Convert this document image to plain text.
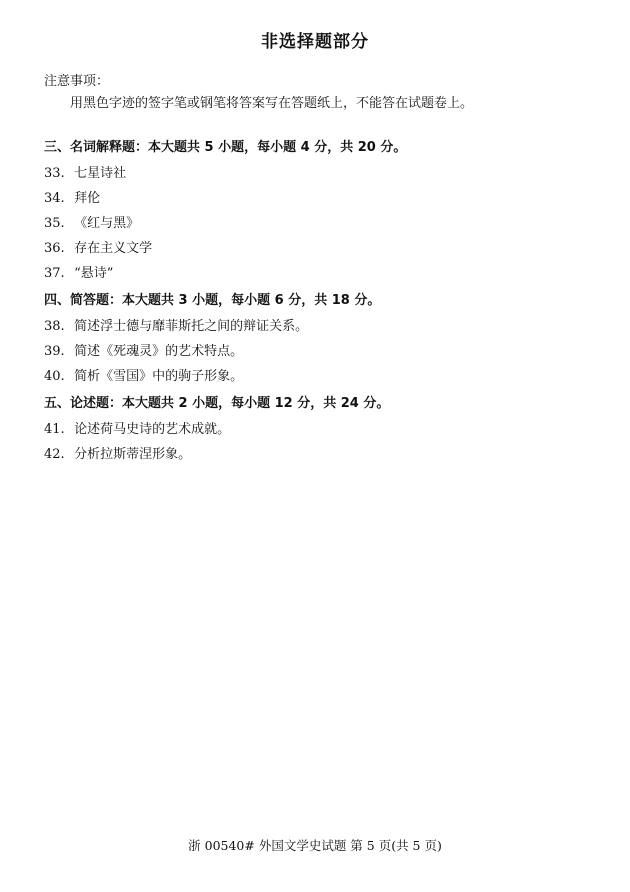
非选择题部分
注意事项：
用黑色字迹的签字笔或钢笔将答案写在答题纸上，不能答在试题卷上。
三、名词解释题：本大题共 5 小题，每小题 4 分，共 20 分。
33. 七星诗社
34. 拜伦
35. 《红与黑》
36. 存在主义文学
37. “悬诗”
四、简答题：本大题共 3 小题，每小题 6 分，共 18 分。
38. 简述浮士德与靡菲斯托之间的辩证关系。
39. 简述《死魂灵》的艺术特点。
40. 简析《雪国》中的驹子形象。
五、论述题：本大题共 2 小题，每小题 12 分，共 24 分。
41. 论述荷马史诗的艺术成就。
42. 分析拉斯蒂涅形象。
浙 00540# 外国文学史试题 第 5 页(共 5 页)
